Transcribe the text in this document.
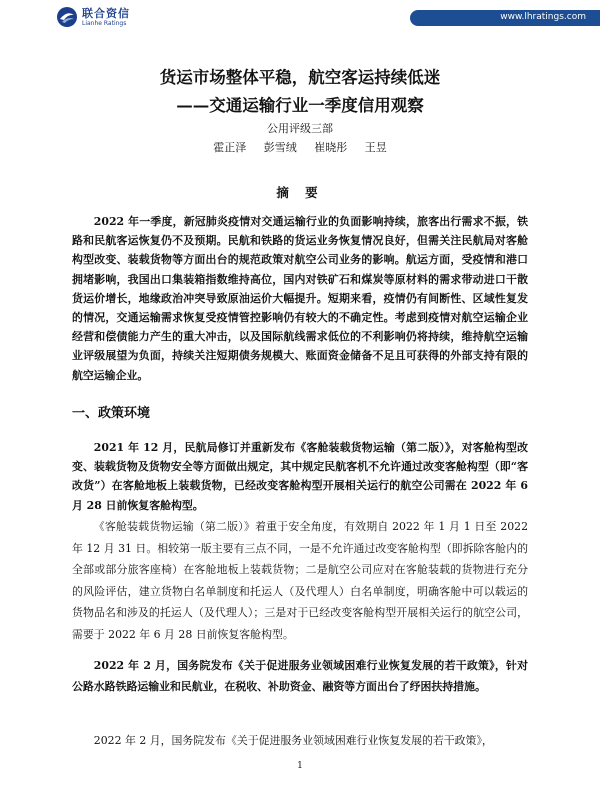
联合资信
Lianhe Ratings
www.lhratings.com
货运市场整体平稳，航空客运持续低迷
——交通运输行业一季度信用观察
公用评级三部
霍正泽 彭雪绒 崔晓彤 王昱
摘 要

2022 年一季度，新冠肺炎疫情对交通运输行业的负面影响持续，旅客出行需求不振，铁路和民航客运恢复仍不及预期。民航和铁路的货运业务恢复情况良好，但需关注民航局对客舱构型改变、装载货物等方面出台的规范政策对航空公司业务的影响。航运方面，受疫情和港口拥堵影响，我国出口集装箱指数维持高位，国内对铁矿石和煤炭等原材料的需求带动进口干散货运价增长，地缘政治冲突导致原油运价大幅提升。短期来看，疫情仍有间断性、区域性复发的情况，交通运输需求恢复受疫情管控影响仍有较大的不确定性。考虑到疫情对航空运输企业经营和偿债能力产生的重大冲击，以及国际航线需求低位的不利影响仍将持续，维持航空运输业评级展望为负面，持续关注短期债务规模大、账面资金储备不足且可获得的外部支持有限的航空运输企业。

一、政策环境

2021 年 12 月，民航局修订并重新发布《客舱装载货物运输（第二版）》，对客舱构型改变、装载货物及货物安全等方面做出规定，其中规定民航客机不允许通过改变客舱构型（即“客改货”）在客舱地板上装载货物，已经改变客舱构型开展相关运行的航空公司需在 2022 年 6 月 28 日前恢复客舱构型。

《客舱装载货物运输（第二版）》着重于安全角度，有效期自 2022 年 1 月 1 日至 2022 年 12 月 31 日。相较第一版主要有三点不同，一是不允许通过改变客舱构型（即拆除客舱内的全部或部分旅客座椅）在客舱地板上装载货物；二是航空公司应对在客舱装载的货物进行充分的风险评估，建立货物白名单制度和托运人（及代理人）白名单制度，明确客舱中可以载运的货物品名和涉及的托运人（及代理人）；三是对于已经改变客舱构型开展相关运行的航空公司，需要于 2022 年 6 月 28 日前恢复客舱构型。

2022 年 2 月，国务院发布《关于促进服务业领域困难行业恢复发展的若干政策》，针对公路水路铁路运输业和民航业，在税收、补助资金、融资等方面出台了纾困扶持措施。

2022 年 2 月，国务院发布《关于促进服务业领域困难行业恢复发展的若干政策》，

1
